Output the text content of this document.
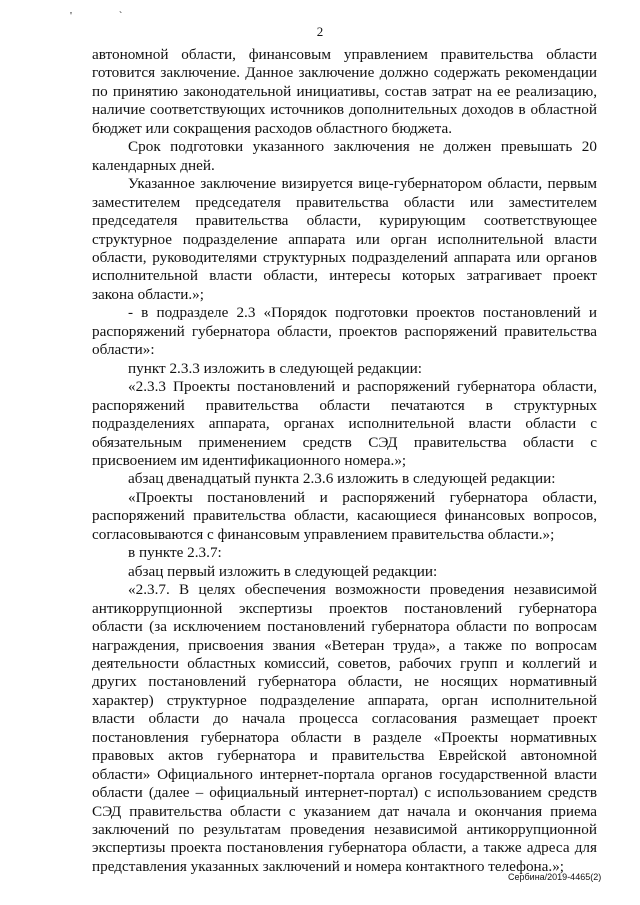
' `
2

автономной области, финансовым управлением правительства области готовится заключение. Данное заключение должно содержать рекомендации по принятию законодательной инициативы, состав затрат на ее реализацию, наличие соответствующих источников дополнительных доходов в областной бюджет или сокращения расходов областного бюджета.

Срок подготовки указанного заключения не должен превышать 20 календарных дней.

Указанное заключение визируется вице-губернатором области, первым заместителем председателя правительства области или заместителем председателя правительства области, курирующим соответствующее структурное подразделение аппарата или орган исполнительной власти области, руководителями структурных подразделений аппарата или органов исполнительной власти области, интересы которых затрагивает проект закона области.»;

- в подразделе 2.3 «Порядок подготовки проектов постановлений и распоряжений губернатора области, проектов распоряжений правительства области»:

пункт 2.3.3 изложить в следующей редакции:

«2.3.3 Проекты постановлений и распоряжений губернатора области, распоряжений правительства области печатаются в структурных подразделениях аппарата, органах исполнительной власти области с обязательным применением средств СЭД правительства области с присвоением им идентификационного номера.»;

абзац двенадцатый пункта 2.3.6 изложить в следующей редакции:

«Проекты постановлений и распоряжений губернатора области, распоряжений правительства области, касающиеся финансовых вопросов, согласовываются с финансовым управлением правительства области.»;

в пункте 2.3.7:

абзац первый изложить в следующей редакции:

«2.3.7. В целях обеспечения возможности проведения независимой антикоррупционной экспертизы проектов постановлений губернатора области (за исключением постановлений губернатора области по вопросам награждения, присвоения звания «Ветеран труда», а также по вопросам деятельности областных комиссий, советов, рабочих групп и коллегий и других постановлений губернатора области, не носящих нормативный характер) структурное подразделение аппарата, орган исполнительной власти области до начала процесса согласования размещает проект постановления губернатора области в разделе «Проекты нормативных правовых актов губернатора и правительства Еврейской автономной области» Официального интернет-портала органов государственной власти области (далее – официальный интернет-портал) с использованием средств СЭД правительства области с указанием дат начала и окончания приема заключений по результатам проведения независимой антикоррупционной экспертизы проекта постановления губернатора области, а также адреса для представления указанных заключений и номера контактного телефона.»;

Сербина/2019-4465(2)
